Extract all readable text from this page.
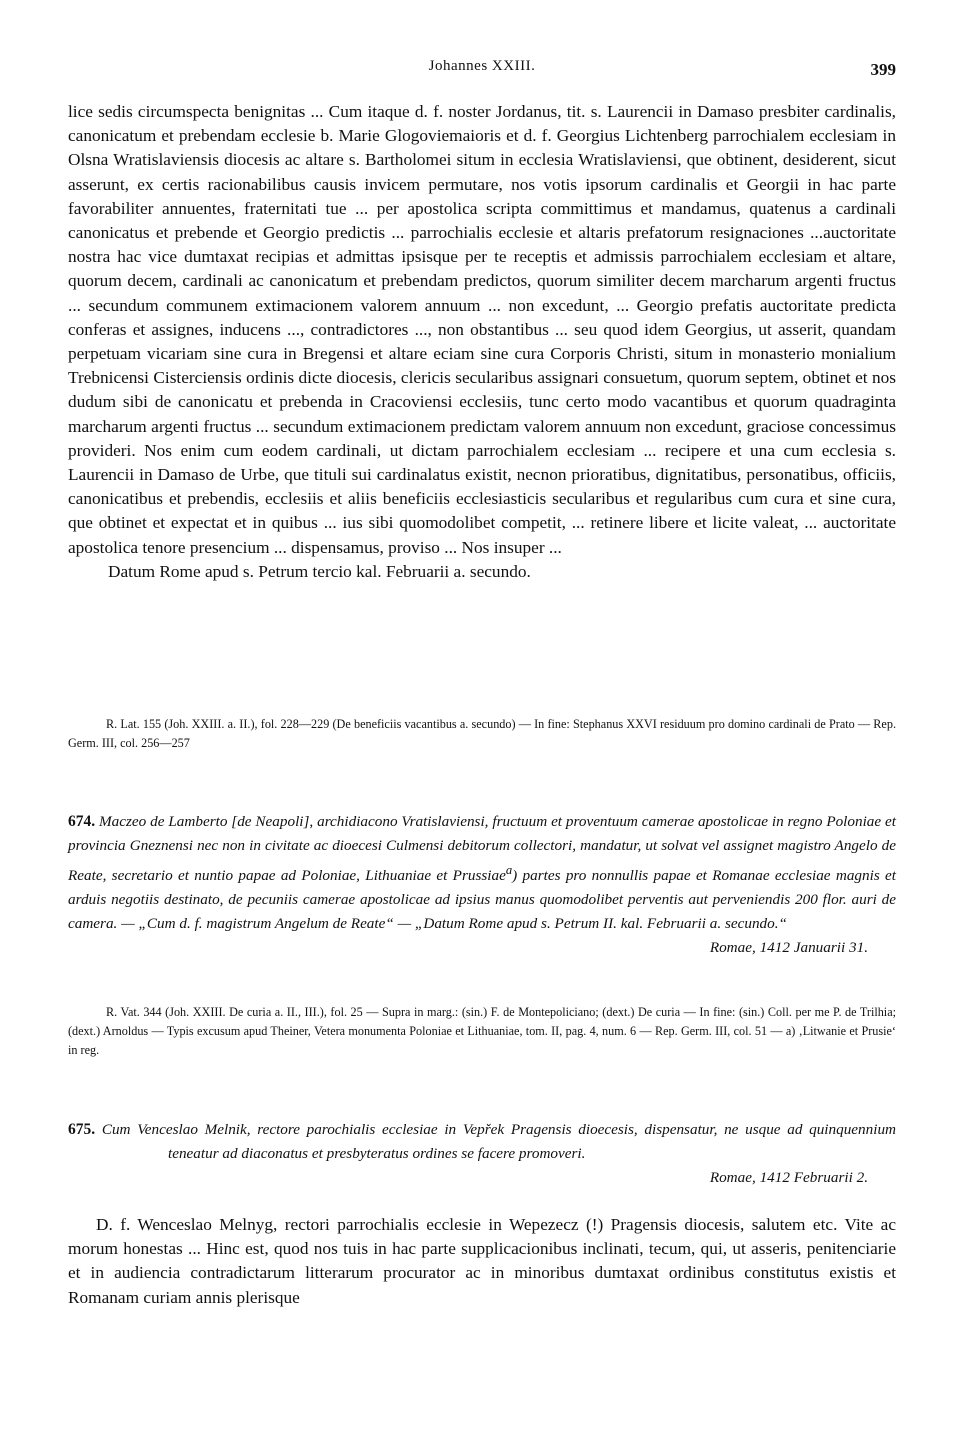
Johannes XXIII.	399

lice sedis circumspecta benignitas ... Cum itaque d. f. noster Jordanus, tit. s. Laurencii in Damaso presbiter cardinalis, canonicatum et prebendam ecclesie b. Marie Glogoviemaioris et d. f. Georgius Lichtenberg parrochialem ecclesiam in Olsna Wratislaviensis diocesis ac altare s. Bartholomei situm in ecclesia Wratislaviensi, que obtinent, desiderent, sicut asserunt, ex certis racionabilibus causis invicem permutare, nos votis ipsorum cardinalis et Georgii in hac parte favorabiliter annuentes, fraternitati tue ... per apostolica scripta committimus et mandamus, quatenus a cardinali canonicatus et prebende et Georgio predictis ... parrochialis ecclesie et altaris prefatorum resignaciones ...auctoritate nostra hac vice dumtaxat recipias et admittas ipsisque per te receptis et admissis parrochialem ecclesiam et altare, quorum decem, cardinali ac canonicatum et prebendam predictos, quorum similiter decem marcharum argenti fructus ... secundum communem extimacionem valorem annuum ... non excedunt, ... Georgio prefatis auctoritate predicta conferas et assignes, inducens ..., contradictores ..., non obstantibus ... seu quod idem Georgius, ut asserit, quandam perpetuam vicariam sine cura in Bregensi et altare eciam sine cura Corporis Christi, situm in monasterio monialium Trebnicensi Cisterciensis ordinis dicte diocesis, clericis secularibus assignari consuetum, quorum septem, obtinet et nos dudum sibi de canonicatu et prebenda in Cracoviensi ecclesiis, tunc certo modo vacantibus et quorum quadraginta marcharum argenti fructus ... secundum extimacionem predictam valorem annuum non excedunt, graciose concessimus provideri. Nos enim cum eodem cardinali, ut dictam parrochialem ecclesiam ... recipere et una cum ecclesia s. Laurencii in Damaso de Urbe, que tituli sui cardinalatus existit, necnon prioratibus, dignitatibus, personatibus, officiis, canonicatibus et prebendis, ecclesiis et aliis beneficiis ecclesiasticis secularibus et regularibus cum cura et sine cura, que obtinet et expectat et in quibus ... ius sibi quomodolibet competit, ... retinere libere et licite valeat, ... auctoritate apostolica tenore presencium ... dispensamus, proviso ... Nos insuper ...

Datum Rome apud s. Petrum tercio kal. Februarii a. secundo.

R. Lat. 155 (Joh. XXIII. a. II.), fol. 228—229 (De beneficiis vacantibus a. secundo) — In fine: Stephanus XXVI residuum pro domino cardinali de Prato — Rep. Germ. III, col. 256—257

674. Maczeo de Lamberto [de Neapoli], archidiacono Vratislaviensi, fructuum et proventuum camerae apostolicae in regno Poloniae et provincia Gneznensi nec non in civitate ac dioecesi Culmensi debitorum collectori, mandatur, ut solvat vel assignet magistro Angelo de Reate, secretario et nuntio papae ad Poloniae, Lithuaniae et Prussiae$^a$) partes pro nonnullis papae et Romanae ecclesiae magnis et arduis negotiis destinato, de pecuniis camerae apostolicae ad ipsius manus quomodolibet perventis aut perveniendis 200 flor. auri de camera. — „Cum d. f. magistrum Angelum de Reate“ — „Datum Rome apud s. Petrum II. kal. Februarii a. secundo.“

Romae, 1412 Januarii 31.

R. Vat. 344 (Joh. XXIII. De curia a. II., III.), fol. 25 — Supra in marg.: (sin.) F. de Montepoliciano; (dext.) De curia — In fine: (sin.) Coll. per me P. de Trilhia; (dext.) Arnoldus — Typis excusum apud Theiner, Vetera monumenta Poloniae et Lithuaniae, tom. II, pag. 4, num. 6 — Rep. Germ. III, col. 51 — a) ‚Litwanie et Prusie‘ in reg.

675. Cum Venceslao Melnik, rectore parochialis ecclesiae in Vepřek Pragensis dioecesis, dispensatur, ne usque ad quinquennium teneatur ad diaconatus et presbyteratus ordines se facere promoveri.

Romae, 1412 Februarii 2.

D. f. Wenceslao Melnyg, rectori parrochialis ecclesie in Wepezecz (!) Pragensis diocesis, salutem etc. Vite ac morum honestas ... Hinc est, quod nos tuis in hac parte supplicacionibus inclinati, tecum, qui, ut asseris, penitenciarie et in audiencia contradictarum litterarum procurator ac in minoribus dumtaxat ordinibus constitutus existis et Romanam curiam annis plerisque
